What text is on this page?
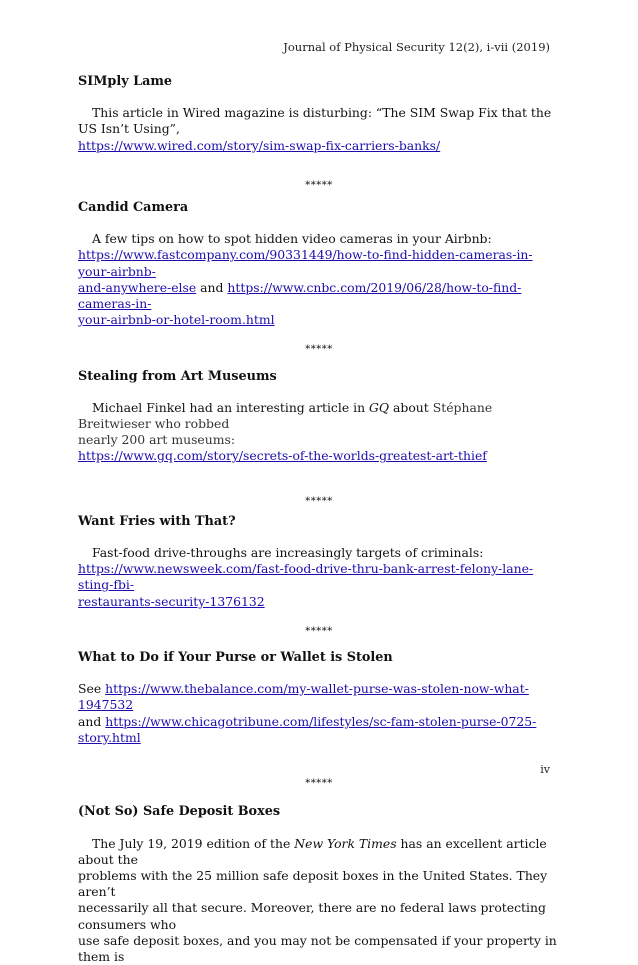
Journal of Physical Security 12(2), i-vii (2019)

SIMply Lame

This article in Wired magazine is disturbing: “The SIM Swap Fix that the US Isn’t Using”,
https://www.wired.com/story/sim-swap-fix-carriers-banks/

*****

Candid Camera

A few tips on how to spot hidden video cameras in your Airbnb:
https://www.fastcompany.com/90331449/how-to-find-hidden-cameras-in-your-airbnb-
and-anywhere-else and https://www.cnbc.com/2019/06/28/how-to-find-cameras-in-
your-airbnb-or-hotel-room.html

*****

Stealing from Art Museums

Michael Finkel had an interesting article in GQ about Stéphane Breitwieser who robbed
nearly 200 art museums:
https://www.gq.com/story/secrets-of-the-worlds-greatest-art-thief

*****

Want Fries with That?

Fast-food drive-throughs are increasingly targets of criminals:
https://www.newsweek.com/fast-food-drive-thru-bank-arrest-felony-lane-sting-fbi-
restaurants-security-1376132

*****

What to Do if Your Purse or Wallet is Stolen

See https://www.thebalance.com/my-wallet-purse-was-stolen-now-what-1947532
and https://www.chicagotribune.com/lifestyles/sc-fam-stolen-purse-0725-story.html

*****

(Not So) Safe Deposit Boxes

The July 19, 2019 edition of the New York Times has an excellent article about the
problems with the 25 million safe deposit boxes in the United States. They aren’t
necessarily all that secure. Moreover, there are no federal laws protecting consumers who
use safe deposit boxes, and you may not be compensated if your property in them is

iv
